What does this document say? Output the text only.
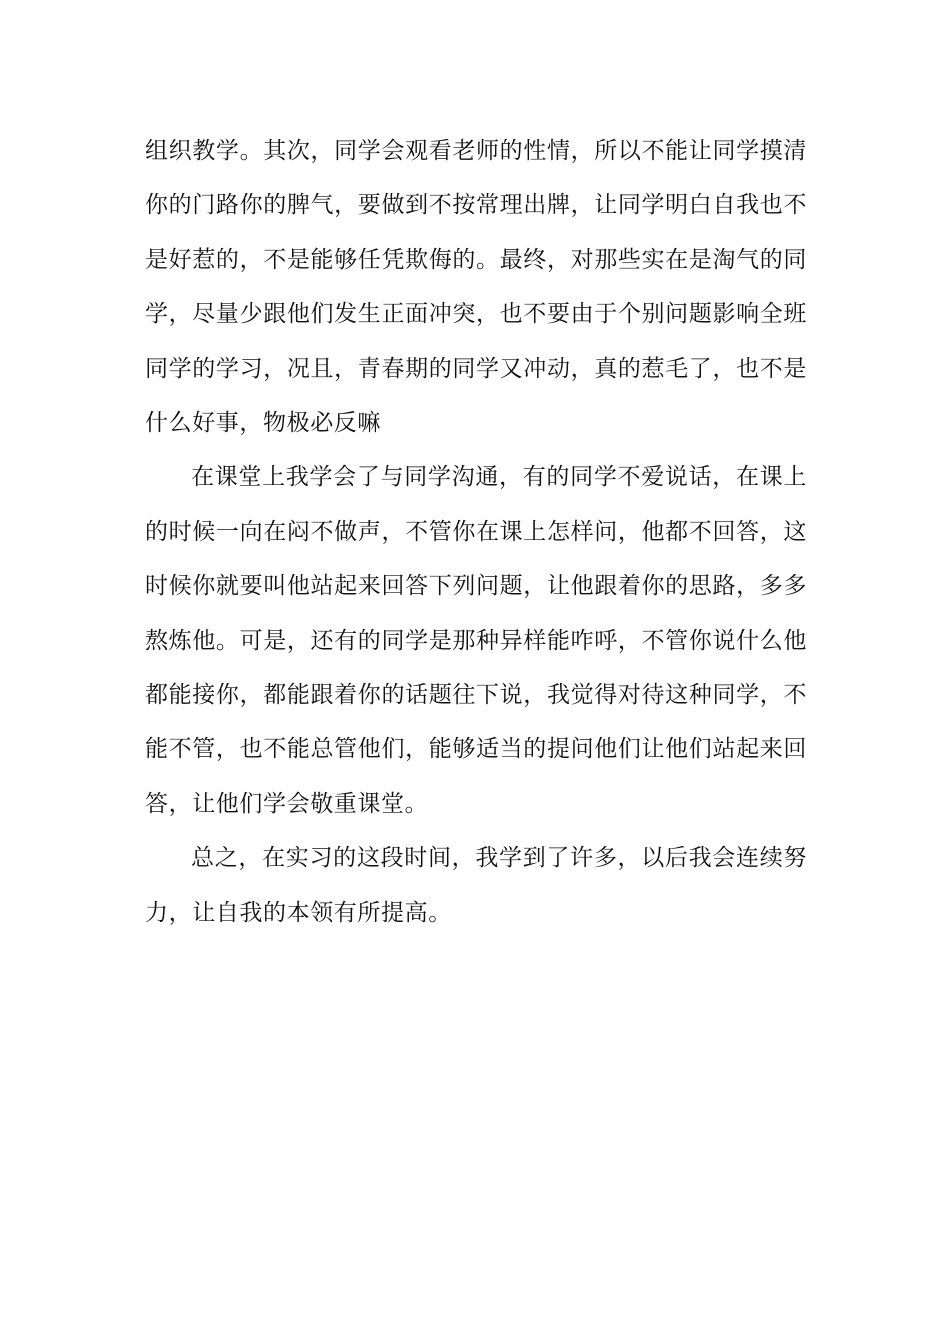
组织教学。其次，同学会观看老师的性情，所以不能让同学摸清你的门路你的脾气，要做到不按常理出牌，让同学明白自我也不是好惹的，不是能够任凭欺侮的。最终，对那些实在是淘气的同学，尽量少跟他们发生正面冲突，也不要由于个别问题影响全班同学的学习，况且，青春期的同学又冲动，真的惹毛了，也不是什么好事，物极必反嘛

在课堂上我学会了与同学沟通，有的同学不爱说话，在课上的时候一向在闷不做声，不管你在课上怎样问，他都不回答，这时候你就要叫他站起来回答下列问题，让他跟着你的思路，多多熬炼他。可是，还有的同学是那种异样能咋呼，不管你说什么他都能接你，都能跟着你的话题往下说，我觉得对待这种同学，不能不管，也不能总管他们，能够适当的提问他们让他们站起来回答，让他们学会敬重课堂。

总之，在实习的这段时间，我学到了许多，以后我会连续努力，让自我的本领有所提高。
